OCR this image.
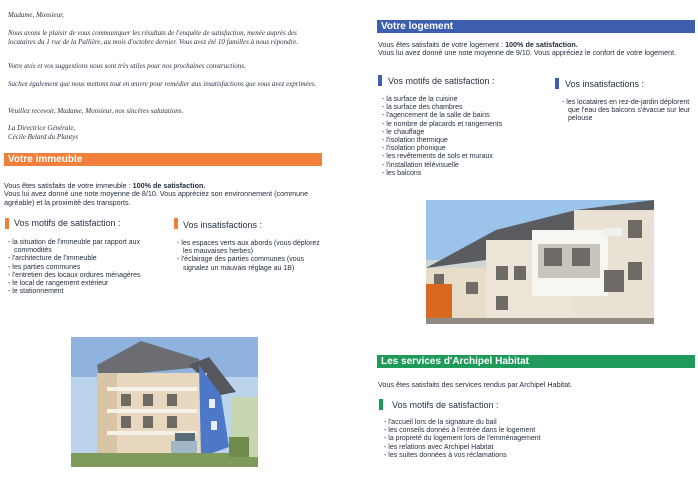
Madame, Monsieur,
Nous avons le plaisir de vous communiquer les résultats de l'enquête de satisfaction, menée auprès des locataires du 1 rue de la Pallière, au mois d'octobre dernier. Vous avez été 10 familles à nous répondre.
Votre avis et vos suggestions nous sont très utiles pour nos prochaines constructions.
Sachez également que nous mettons tout en œuvre pour remédier aux insatisfactions que vous avez exprimées.
Veuillez recevoir, Madame, Monsieur, nos sincères salutations.
La Directrice Générale,
Cécile Belard du Plantys
Votre immeuble
Vous êtes satisfaits de votre immeuble : 100% de satisfaction.
Vous lui avez donné une note moyenne de 8/10. Vous appréciez son environnement (commune agréable) et la proximité des transports.
Vos motifs de satisfaction :
- la situation de l'immeuble par rapport aux commodités
- l'architecture de l'immeuble
- les parties communes
- l'entretien des locaux ordures ménagères
- le local de rangement extérieur
- le stationnement
Vos insatisfactions :
- les espaces verts aux abords (vous déplorez les mauvaises herbes)
- l'éclairage des parties communes (vous signalez un mauvais réglage au 1B)
Votre logement
Vous êtes satisfaits de votre logement : 100% de satisfaction.
Vous lui avez donné une note moyenne de 9/10. Vous appréciez le confort de votre logement.
Vos motifs de satisfaction :
- la surface de la cuisine
- la surface des chambres
- l'agencement de la salle de bains
- le nombre de placards et rangements
- le chauffage
- l'isolation thermique
- l'isolation phonique
- les revêtements de sols et muraux
- l'installation télévisuelle
- les balcons
Vos insatisfactions :
- les locataires en rez-de-jardin déplorent que l'eau des balcons s'évacue sur leur pelouse
Les services d'Archipel Habitat
Vous êtes satisfaits des services rendus par Archipel Habitat.
Vos motifs de satisfaction :
- l'accueil lors de la signature du bail
- les conseils donnés à l'entrée dans le logement
- la propreté du logement lors de l'emménagement
- les relations avec Archipel Habitat
- les suites données à vos réclamations
